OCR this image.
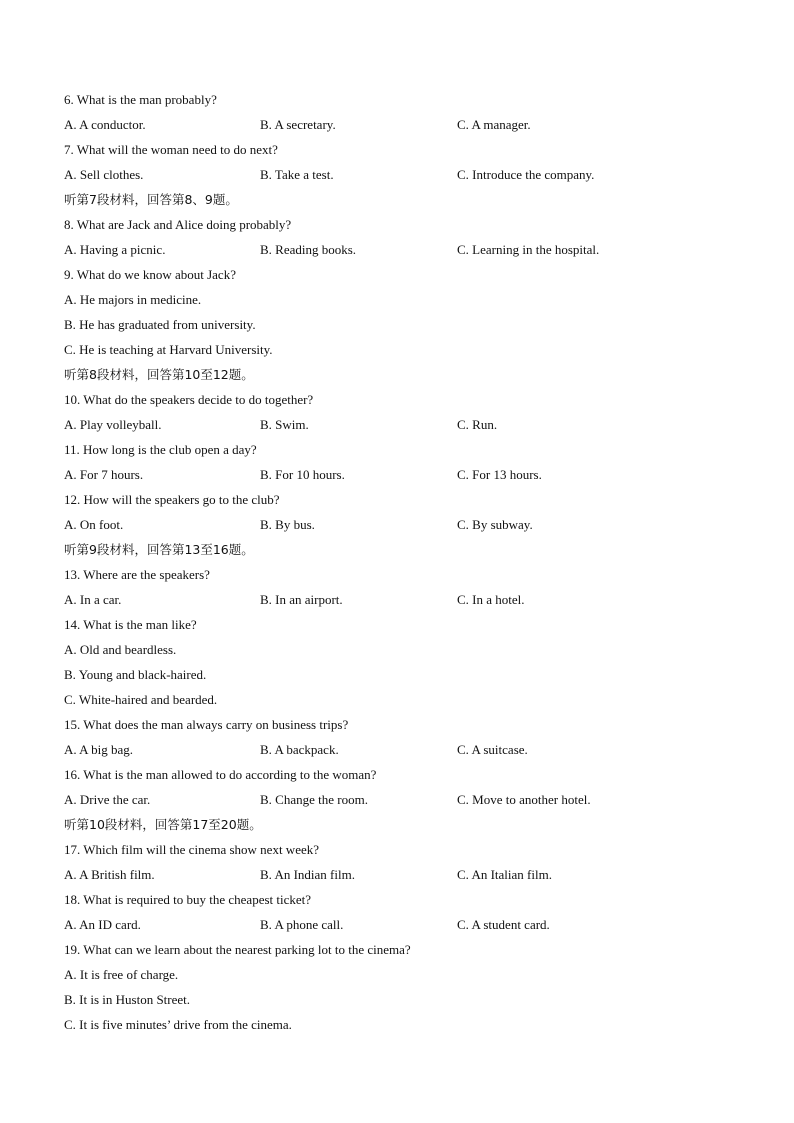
6. What is the man probably?
A. A conductor.	B. A secretary.	C. A manager.
7. What will the woman need to do next?
A. Sell clothes.	B. Take a test.	C. Introduce the company.
听第7段材料，回答第8、9题。
8. What are Jack and Alice doing probably?
A. Having a picnic.	B. Reading books.	C. Learning in the hospital.
9. What do we know about Jack?
A. He majors in medicine.
B. He has graduated from university.
C. He is teaching at Harvard University.
听第8段材料，回答第10至12题。
10. What do the speakers decide to do together?
A. Play volleyball.	B. Swim.	C. Run.
11. How long is the club open a day?
A. For 7 hours.	B. For 10 hours.	C. For 13 hours.
12. How will the speakers go to the club?
A. On foot.	B. By bus.	C. By subway.
听第9段材料，回答第13至16题。
13. Where are the speakers?
A. In a car.	B. In an airport.	C. In a hotel.
14. What is the man like?
A. Old and beardless.
B. Young and black-haired.
C. White-haired and bearded.
15. What does the man always carry on business trips?
A. A big bag.	B. A backpack.	C. A suitcase.
16. What is the man allowed to do according to the woman?
A. Drive the car.	B. Change the room.	C. Move to another hotel.
听第10段材料，回答第17至20题。
17. Which film will the cinema show next week?
A. A British film.	B. An Indian film.	C. An Italian film.
18. What is required to buy the cheapest ticket?
A. An ID card.	B. A phone call.	C. A student card.
19. What can we learn about the nearest parking lot to the cinema?
A. It is free of charge.
B. It is in Huston Street.
C. It is five minutes’ drive from the cinema.
